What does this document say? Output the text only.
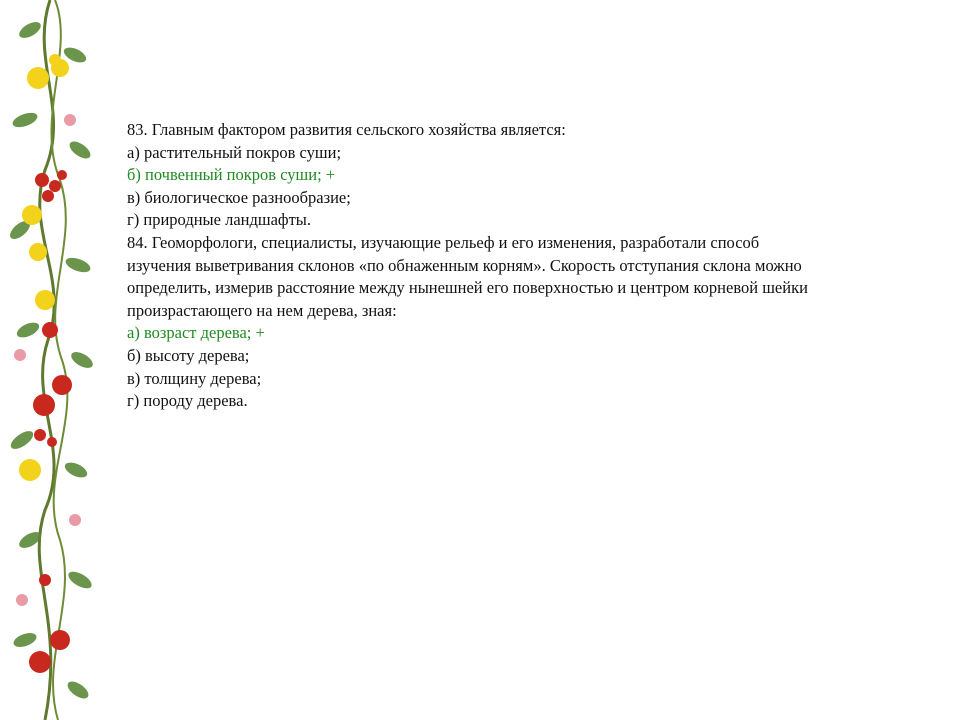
83. Главным фактором развития сельского хозяйства является:

а) растительный покров суши;

б) почвенный покров суши; +

в) биологическое разнообразие;

г) природные ландшафты.

84. Геоморфологи, специалисты, изучающие рельеф и его изменения, разработали способ

изучения выветривания склонов «по обнаженным корням». Скорость отступания склона можно

определить, измерив расстояние между нынешней его поверхностью и центром корневой шейки

произрастающего на нем дерева, зная:

а) возраст дерева; +

б) высоту дерева;

в) толщину дерева;

г) породу дерева.
